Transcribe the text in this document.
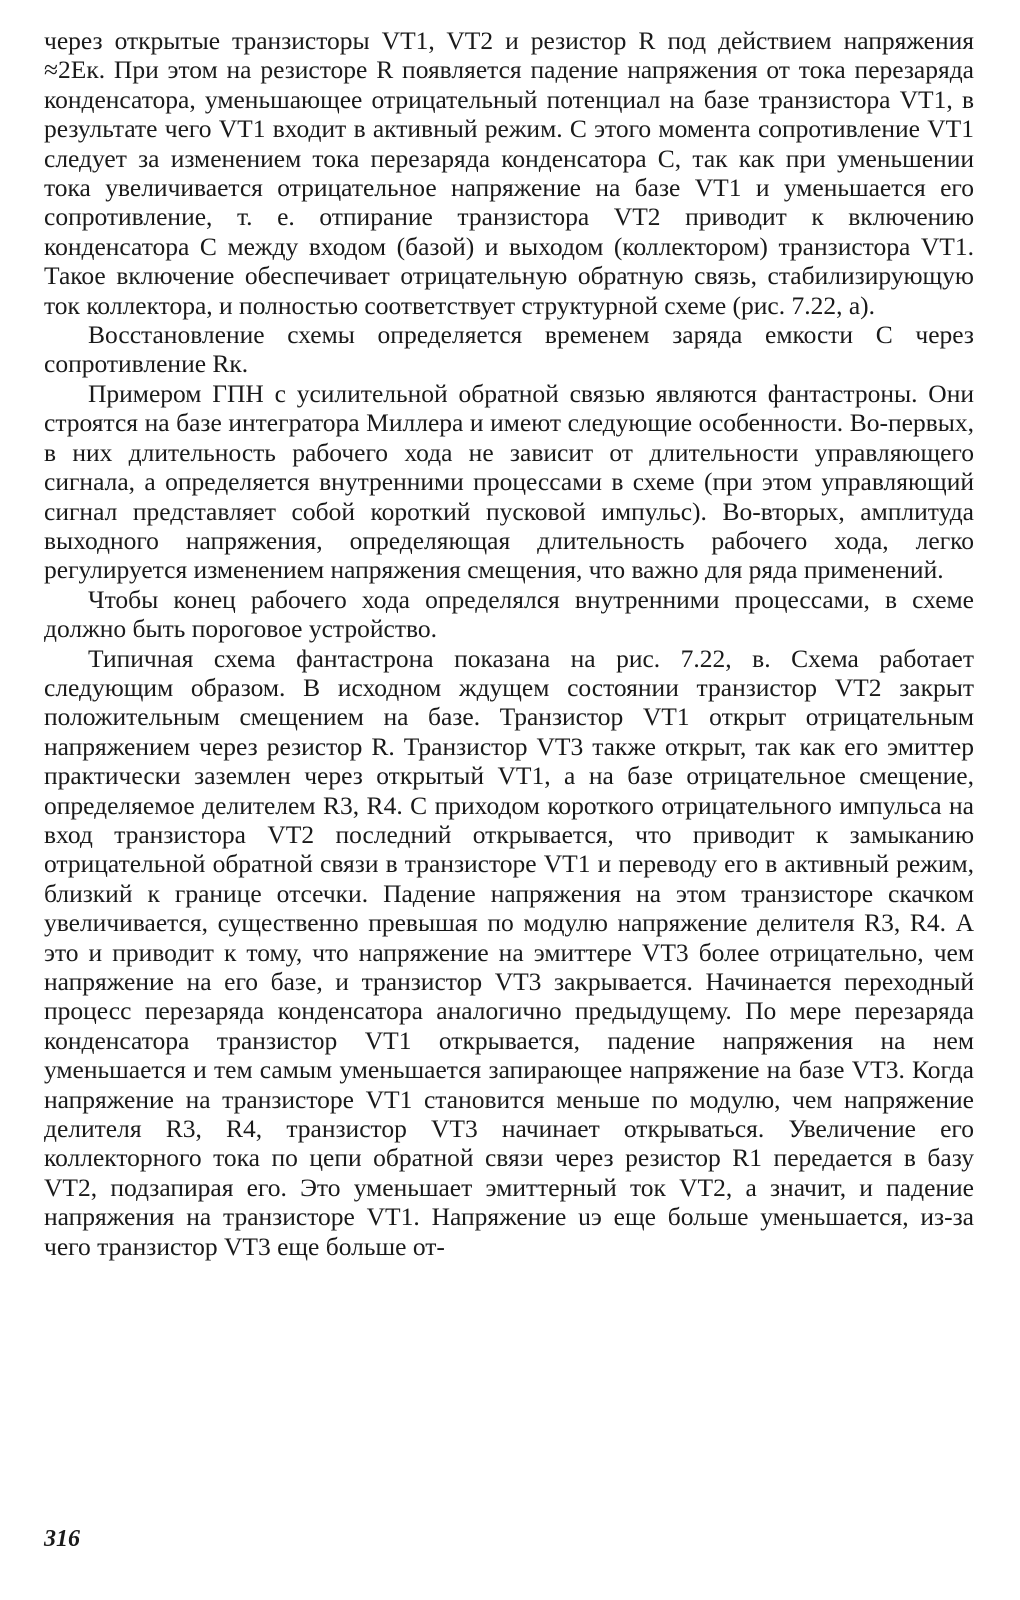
через открытые транзисторы VT1, VT2 и резистор R под действием напряжения ≈2Eк. При этом на резисторе R появляется падение напряжения от тока перезаряда конденсатора, уменьшающее отрицательный потенциал на базе транзистора VT1, в результате чего VT1 входит в активный режим. С этого момента сопротивление VT1 следует за изменением тока перезаряда конденсатора C, так как при уменьшении тока увеличивается отрицательное напряжение на базе VT1 и уменьшается его сопротивление, т. е. отпирание транзистора VT2 приводит к включению конденсатора C между входом (базой) и выходом (коллектором) транзистора VT1. Такое включение обеспечивает отрицательную обратную связь, стабилизирующую ток коллектора, и полностью соответствует структурной схеме (рис. 7.22, а).

Восстановление схемы определяется временем заряда емкости C через сопротивление Rк.

Примером ГПН с усилительной обратной связью являются фантастроны. Они строятся на базе интегратора Миллера и имеют следующие особенности. Во-первых, в них длительность рабочего хода не зависит от длительности управляющего сигнала, а определяется внутренними процессами в схеме (при этом управляющий сигнал представляет собой короткий пусковой импульс). Во-вторых, амплитуда выходного напряжения, определяющая длительность рабочего хода, легко регулируется изменением напряжения смещения, что важно для ряда применений.

Чтобы конец рабочего хода определялся внутренними процессами, в схеме должно быть пороговое устройство.

Типичная схема фантастрона показана на рис. 7.22, в. Схема работает следующим образом. В исходном ждущем состоянии транзистор VT2 закрыт положительным смещением на базе. Транзистор VT1 открыт отрицательным напряжением через резистор R. Транзистор VT3 также открыт, так как его эмиттер практически заземлен через открытый VT1, а на базе отрицательное смещение, определяемое делителем R3, R4. С приходом короткого отрицательного импульса на вход транзистора VT2 последний открывается, что приводит к замыканию отрицательной обратной связи в транзисторе VT1 и переводу его в активный режим, близкий к границе отсечки. Падение напряжения на этом транзисторе скачком увеличивается, существенно превышая по модулю напряжение делителя R3, R4. А это и приводит к тому, что напряжение на эмиттере VT3 более отрицательно, чем напряжение на его базе, и транзистор VT3 закрывается. Начинается переходный процесс перезаряда конденсатора аналогично предыдущему. По мере перезаряда конденсатора транзистор VT1 открывается, падение напряжения на нем уменьшается и тем самым уменьшается запирающее напряжение на базе VT3. Когда напряжение на транзисторе VT1 становится меньше по модулю, чем напряжение делителя R3, R4, транзистор VT3 начинает открываться. Увеличение его коллекторного тока по цепи обратной связи через резистор R1 передается в базу VT2, подзапирая его. Это уменьшает эмиттерный ток VT2, а значит, и падение напряжения на транзисторе VT1. Напряжение uэ еще больше уменьшается, из-за чего транзистор VT3 еще больше от-

316
